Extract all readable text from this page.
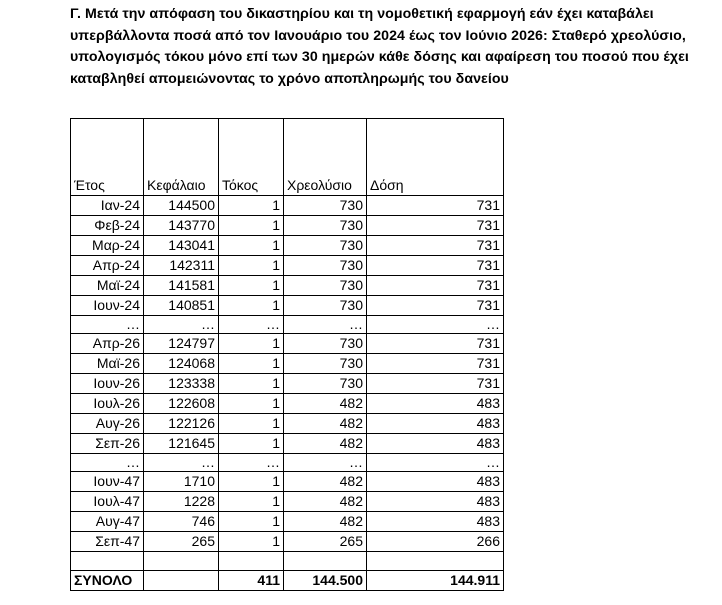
Γ. Μετά την απόφαση του δικαστηρίου και τη νομοθετική εφαρμογή εάν έχει καταβάλει υπερβάλλοντα ποσά από τον Ιανουάριο του 2024 έως τον Ιούνιο 2026: Σταθερό χρεολύσιο, υπολογισμός τόκου μόνο επί των 30 ημερών κάθε δόσης και αφαίρεση του ποσού που έχει καταβληθεί απομειώνοντας το χρόνο αποπληρωμής του δανείου
Έτος	Κεφάλαιο	Τόκος	Χρεολύσιο	Δόση
Ιαν-24	144500	1	730	731
Φεβ-24	143770	1	730	731
Μαρ-24	143041	1	730	731
Απρ-24	142311	1	730	731
Μαϊ-24	141581	1	730	731
Ιουν-24	140851	1	730	731
…	…	…	…	…
Απρ-26	124797	1	730	731
Μαϊ-26	124068	1	730	731
Ιουν-26	123338	1	730	731
Ιουλ-26	122608	1	482	483
Αυγ-26	122126	1	482	483
Σεπ-26	121645	1	482	483
…	…	…	…	…
Ιουν-47	1710	1	482	483
Ιουλ-47	1228	1	482	483
Αυγ-47	746	1	482	483
Σεπ-47	265	1	265	266

ΣΥΝΟΛΟ		411	144.500	144.911
